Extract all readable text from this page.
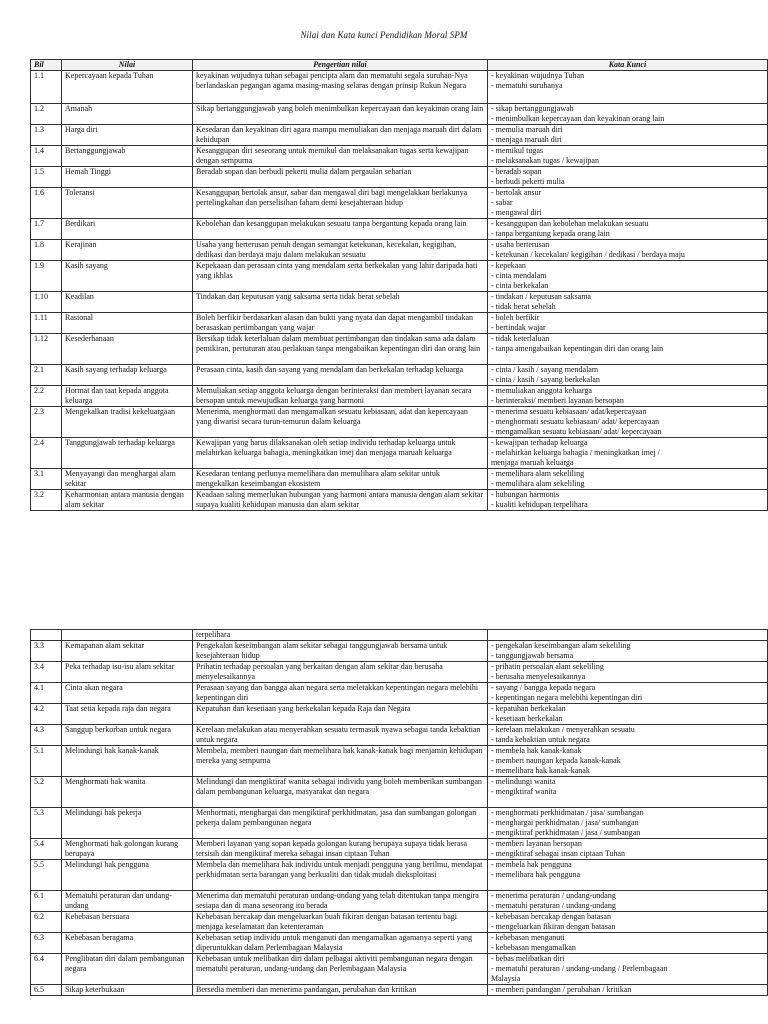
Nilai dan Kata kunci Pendidikan Moral SPM
Bil	Nilai	Pengertian nilai	Kata Kunci
1.1	Kepercayaan kepada Tuhan	keyakinan wujudnya tuhan sebagai pencipta alam dan mematuhi segala suruhan-Nya berlandaskan pegangan agama masing-masing selaras dengan prinsip Rukun Negara	- keyakinan wujudnya Tuhan
- mematuhi suruhanya

1.2	Amanah	Sikap bertanggungjawab yang boleh menimbulkan kepercayaan dan keyakinan orang lain	- sikap bertanggungjawab
- menimbulkan kepercayaan dan keyakinan orang lain

1.3	Harga diri	Kesedaran dan keyakinan diri agara mampu memuliakan dan menjaga maruah diri dalam kehidupan	- memulia maruah diri
- menjaga maruah diri

1.4	Bertanggungjawab	Kesanggupan diri seseorang untuk memikul dan melaksanakan tugas serta kewajipan dengan sempurna	- memikul tugas
- melaksanakan tugas / kewajipan

1.5	Hemah Tinggi	Beradab sopan dan berbudi pekerti mulia dalam pergaulan seharian	- beradab sopan
- berbudi pekerti mulia

1.6	Toleransi	Kesanggupan bertolak ansur, sabar dan mengawal diri bagi mengelakkan berlakunya pertelingkahan dan perselisihan faham demi kesejahteraan hidup	- bertolak ansur
- sabar
- mengawal diri

1.7	Berdikari	Kebolehan dan kesanggupan melakukan sesuatu tanpa bergantung kepada orang lain	- kesanggupan dan kebolehan melakukan sesuatu
- tanpa bergantung kepada orang lain

1.8	Kerajinan	Usaha yang berterusan penuh dengan semangat ketekunan, kecekalan, kegigihan, dedikasi dan berdaya maju dalam melakukan sesuatu	- usaha berterusan
- ketekunan / kecekalan/ kegigihan / dedikasi / berdaya maju

1.9	Kasih sayang	Kepekaaan dan perasaan cinta yang mendalam serta berkekalan yang lahir daripada hati yang ikhlas	- kepekaan
- cinta mendalam
- cinta berkekalan

1.10	Keadilan	Tindakan dan keputusan yang saksama serta tidak berat sebelah	- tindakan / keputusan saksama
- tidak berat sebelah

1.11	Rasional	Boleh berfikir berdasarkan alasan dan bukti yang nyata dan dapat mengambil tindakan berasaskan pertimbangan yang wajar	- boleh berfikir
- bertindak wajar

1.12	Kesederhanaan	Bersikap tidak keterlaluan dalam membuat pertimbangan dan tindakan sama ada dalam pemikiran, pertuturan atau perlakuan tanpa mengabaikan kepentingan diri dan orang lain	- tidak keterlaluan
- tanpa amengabaikan kepentingan diri dan orang lain

2.1	Kasih sayang terhadap keluarga	Perasaan cinta, kasih dan sayang yang mendalam dan berkekalan terhadap keluarga	- cinta / kasih / sayang mendalam
- cinta / kasih / sayang berkekalan

2.2	Hormat dan taat kepada anggota keluarga	Memuliakan setiap anggota keluarga dengan berinteraksi dan memberi layanan secara bersopan untuk mewujudkan keluarga yang harmoni	- memuliakan anggota keluarga
- berinteraksi/ memberi layanan bersopan

2.3	Mengekalkan tradisi kekeluargaan	Menerima, menghormati dan mengamalkan sesuatu kebiasaan, adat dan kepercayaan yang diwarisi secara turun-temurun dalam keluarga	- menerima sesuatu kebiasaan/ adat/kepercayaan
- menghormati sesuatu kebiasaan/ adat/ kepercayaan
- mengamalkan sesuatu kebiasaan/ adat/ kepercayaan

2.4	Tanggungjawab terhadap keluarga	Kewajipan yang harus dilaksanakan oleh setiap individu terhadap keluarga untuk melahirkan keluarga bahagia, meningkatkan imej dan menjaga maruah keluarga	- kewajipan terhadap keluarga
- melahirkan keluarga bahagia / meningkatkan imej /
menjaga maruah keluarga

3.1	Menyayangi dan menghargai alam sekitar	Kesedaran tentang perlunya memelihara dan memulihara alam sekitar untuk mengekalkan keseimbangan ekosistem	- memelihara alam sekeliling
- memulihara alam sekeliling

3.2	Keharmonian antara manusia dengan alam sekitar	Keadaan saling memerlukan hubungan yang harmoni antara manusia dengan alam sekitar supaya kualiti kehidupan manusia dan alam sekitar	- hubungan harmonis
- kualiti kehidupan terpelihara
		terpelihara	
3.3	Kemapanan alam sekitar	Pengekalan keseimbangan alam sekitar sebagai tanggungjawab bersama untuk kesejahteraan hidup	- pengekalan keseimbangan alam sekeliling
- tanggungjawab bersama

3.4	Peka terhadap isu-isu alam sekitar	Prihatin terhadap persoalan yang berkaitan dengan alam sekitar dan berusaha menyelesaikannya	- prihatin persoalan alam sekeliling
- berusaha menyelesaikannya

4.1	Cinta akan negara	Perasaan sayang dan bangga akan negara serta meletakkan kepentingan negara melebihi kepentingan diri	- sayang / bangga kepada negara
- kepentingan negara melebihi kepentingan diri

4.2	Taat setia kepada raja dan negara	Kepatuhan dan kesetiaan yang berkekalan kepada Raja dan Negara	- kepatuhan berkekalan
- kesetiaan berkekalan

4.3	Sanggup berkorban untuk negara	Kerelaan melakukan atau menyerahkan sesuatu termasuk nyawa sebagai tanda kebaktian untuk negara	- kerelaan melakukan / menyerahkan sesuatu
- tanda kebaktian untuk negara

5.1	Melindungi hak kanak-kanak	Membela, memberi naungan dan memelihara hak kanak-kanak bagi menjamin kehidupan mereka yang sempurna	- membela hak kanak-kanak
- memberi naungan kepada kanak-kanak
- memelihara hak kanak-kanak

5.2	Menghormati hak wanita	Melindungi dan mengiktiraf wanita sebagai individu yang boleh memberikan sumbangan dalam pembangunan keluarga, masyarakat dan negara	- melindungi wanita
- mengiktiraf wanita

5.3	Melindungi hak pekerja	Menhormati, menghargai dan mengiktiraf perkhidmatan, jasa dan sumbangan golongan pekerja dalam pembangunan negara	- menghormati perkhidmatan / jasa/ sumbangan
- menghargai perkhidmatan / jasa/ sumbangan
- mengiktiraf perkhidmatan / jasa / sumbangan

5.4	Menghormati hak golongan kurang berupaya	Memberi layanan yang sopan kepada golongan kurang berupaya supaya tidak berasa tersisih dan mengiktiraf mereka sebagai insan ciptaan Tuhan	- memberi layanan bersopan
- mengiktiraf sebagai insan ciptaan Tuhan

5.5	Melindungi hak pengguna	Membela dan memelihara hak individu untuk menjadi pengguna yang berilmu, mendapat perkhidmatan serta barangan yang berkualiti dan tidak mudah dieksploitasi	- membela hak pengguna
- memelihara hak pengguna

6.1	Mematuhi peraturan dan undang-undang	Menerima dan mematuhi peraturan undang-undang yang telah ditentukan tanpa mengira sesiapa dan di mana seseorang itu berada	- menerima peraturan / undang-undang
- mematuhi peraturan / undang-undang

6.2	Kebebasan bersuara	Kebebasan bercakap dan mengeluarkan buah fikiran dengan batasan tertentu bagi menjaga keselamatan dan ketenteraman	- kebebasan bercakap dengan batasan
- mengeluarkan fikiran dengan batasan

6.3	Kebebasan beragama	Kebebasan setiap individu untuk menganuti dan mengamalkan agamanya seperti yang diperuntukkan dalam Perlembagaan Malaysia	- kebebasan menganuti
- kebebasan mengamalkan

6.4	Penglibatan diri dalam pembangunan negara	Kebebasan untuk melibatkan diri dalam pelbagai aktiviti pembangunan negara dengan mematuhi peraturan, undang-undang dan Perlembagaan Malaysia	- bebas melibatkan diri
- mematuhi peraturan / undang-undang / Perlembagaan
Malaysia

6.5	Sikap keterbukaan	Bersedia memberi dan menerima pandangan, perubahan dan kritikan	- memberi pandangan / perubahan / kritikan
